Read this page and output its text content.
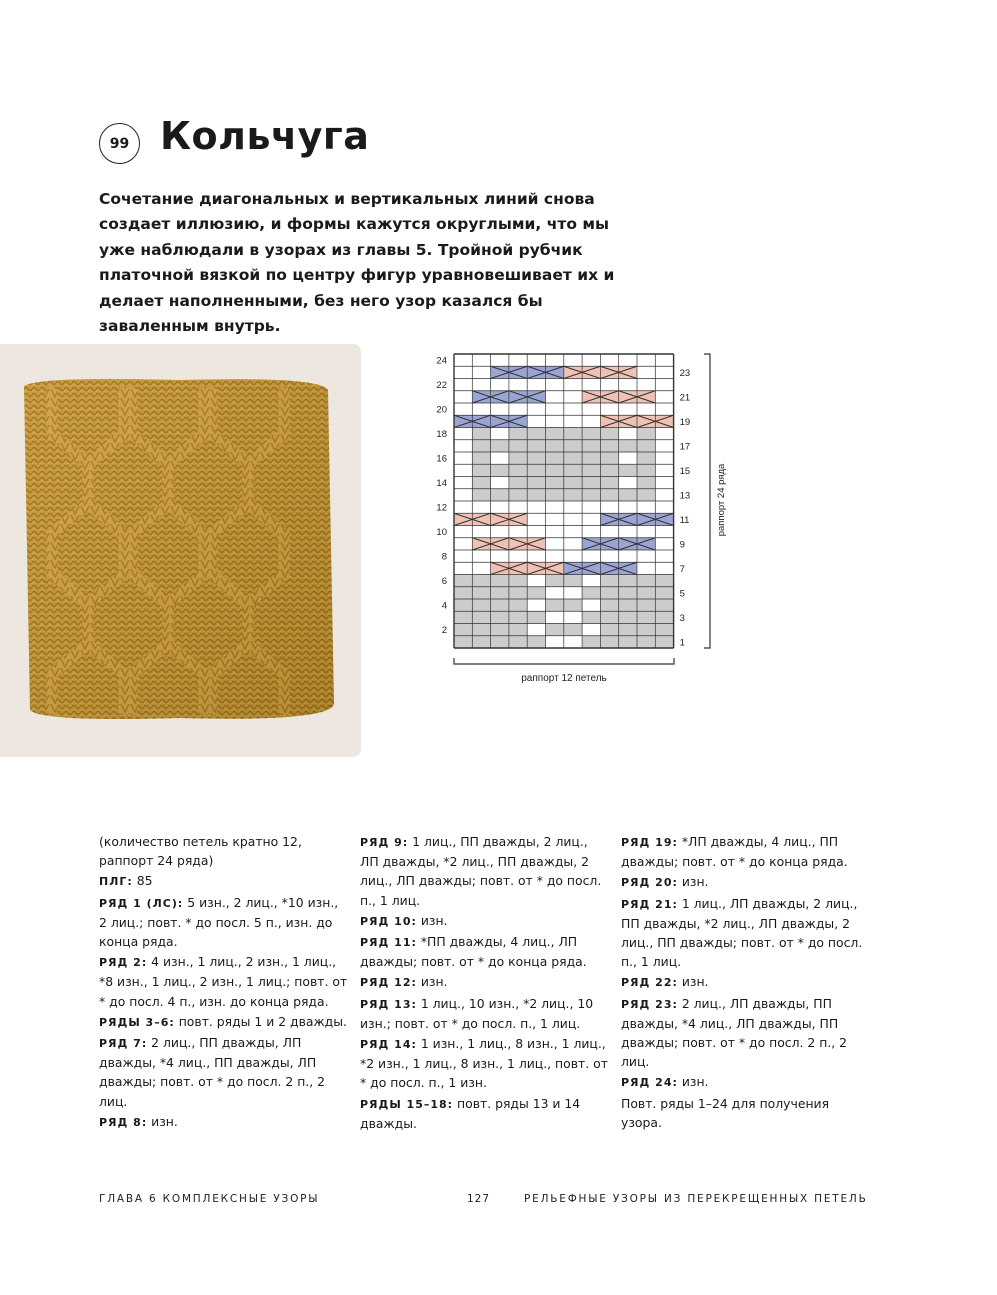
99 Кольчуга

Сочетание диагональных и вертикальных линий снова создает иллюзию, и формы кажутся округлыми, что мы уже наблюдали в узорах из главы 5. Тройной рубчик платочной вязкой по центру фигур уравновешивает их и делает наполненными, без него узор казался бы заваленным внутрь.

24
22
20
18
16
14
12
10
8
6
4
2
23
21
19
17
15
13
11
9
7
5
3
1
раппорт 24 ряда
раппорт 12 петель

(количество петель кратно 12, раппорт 24 ряда)

ПЛГ: 85

РЯД 1 (ЛС): 5 изн., 2 лиц., *10 изн., 2 лиц.; повт. * до посл. 5 п., изн. до конца ряда.

РЯД 2: 4 изн., 1 лиц., 2 изн., 1 лиц., *8 изн., 1 лиц., 2 изн., 1 лиц.; повт. от * до посл. 4 п., изн. до конца ряда.

РЯДЫ 3–6: повт. ряды 1 и 2 дважды.

РЯД 7: 2 лиц., ПП дважды, ЛП дважды, *4 лиц., ПП дважды, ЛП дважды; повт. от * до посл. 2 п., 2 лиц.

РЯД 8: изн.

РЯД 9: 1 лиц., ПП дважды, 2 лиц., ЛП дважды, *2 лиц., ПП дважды, 2 лиц., ЛП дважды; повт. от * до посл. п., 1 лиц.

РЯД 10: изн.

РЯД 11: *ПП дважды, 4 лиц., ЛП дважды; повт. от * до конца ряда.

РЯД 12: изн.

РЯД 13: 1 лиц., 10 изн., *2 лиц., 10 изн.; повт. от * до посл. п., 1 лиц.

РЯД 14: 1 изн., 1 лиц., 8 изн., 1 лиц., *2 изн., 1 лиц., 8 изн., 1 лиц., повт. от * до посл. п., 1 изн.

РЯДЫ 15–18: повт. ряды 13 и 14 дважды.

РЯД 19: *ЛП дважды, 4 лиц., ПП дважды; повт. от * до конца ряда.

РЯД 20: изн.

РЯД 21: 1 лиц., ЛП дважды, 2 лиц., ПП дважды, *2 лиц., ЛП дважды, 2 лиц., ПП дважды; повт. от * до посл. п., 1 лиц.

РЯД 22: изн.

РЯД 23: 2 лиц., ЛП дважды, ПП дважды, *4 лиц., ЛП дважды, ПП дважды; повт. от * до посл. 2 п., 2 лиц.

РЯД 24: изн.

Повт. ряды 1–24 для получения узора.

ГЛАВА 6 КОМПЛЕКСНЫЕ УЗОРЫ	127	РЕЛЬЕФНЫЕ УЗОРЫ ИЗ ПЕРЕКРЕЩЕННЫХ ПЕТЕЛЬ
